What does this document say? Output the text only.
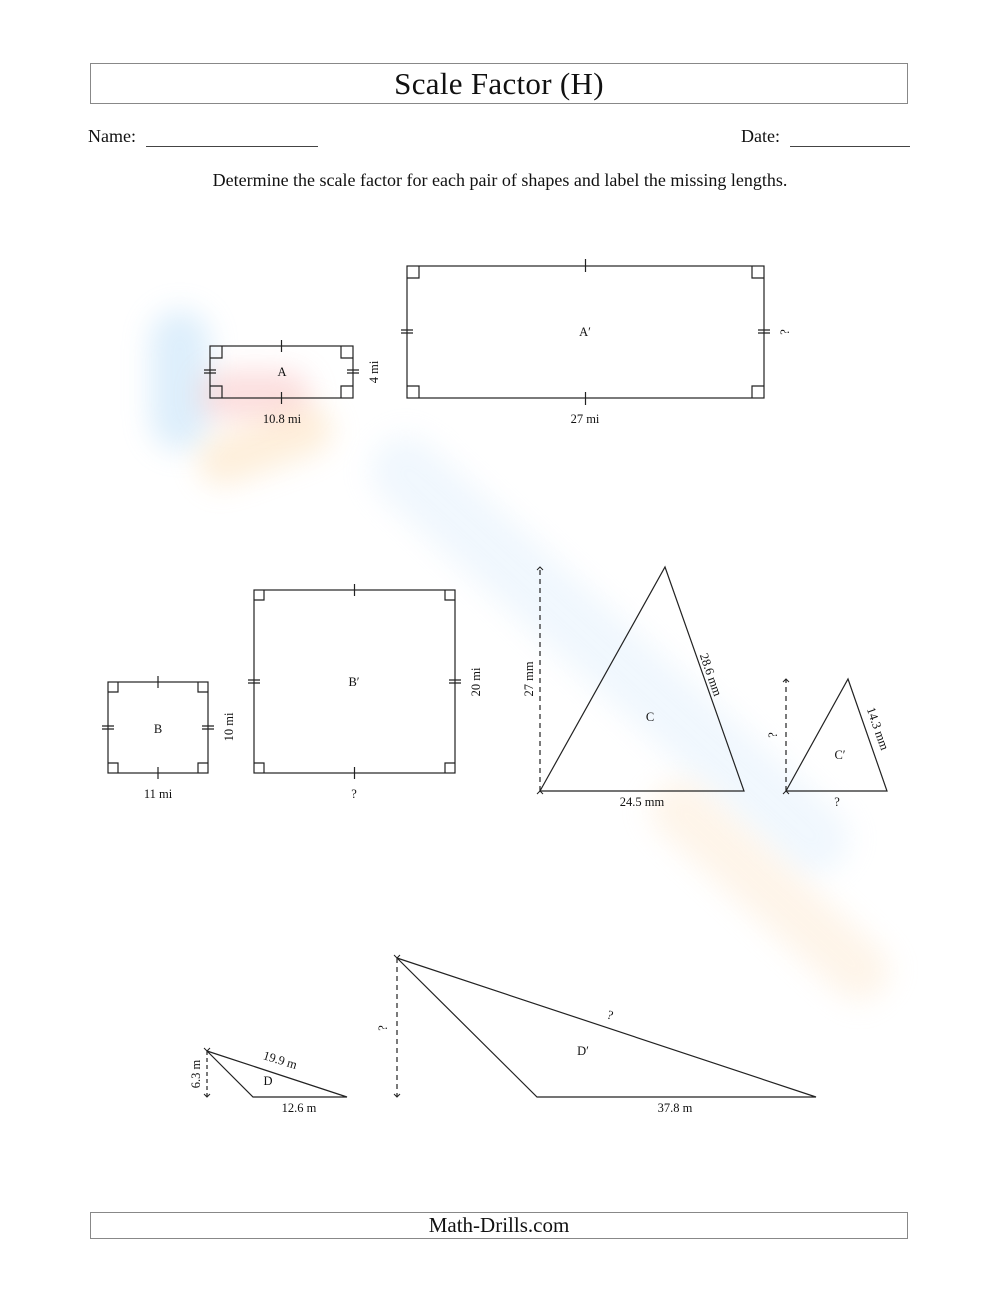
Scale Factor (H)
Name:	Date:
Determine the scale factor for each pair of shapes and label the missing lengths.
A
10.8 mi
4 mi
A′
27 mi
?
B
11 mi
10 mi
B′
?
20 mi
C
24.5 mm
27 mm	28.6 mm
C′
?
?	14.3 mm
D
12.6 m
6.3 m	19.9 m	D′
37.8 m
?
?
Math-Drills.com
